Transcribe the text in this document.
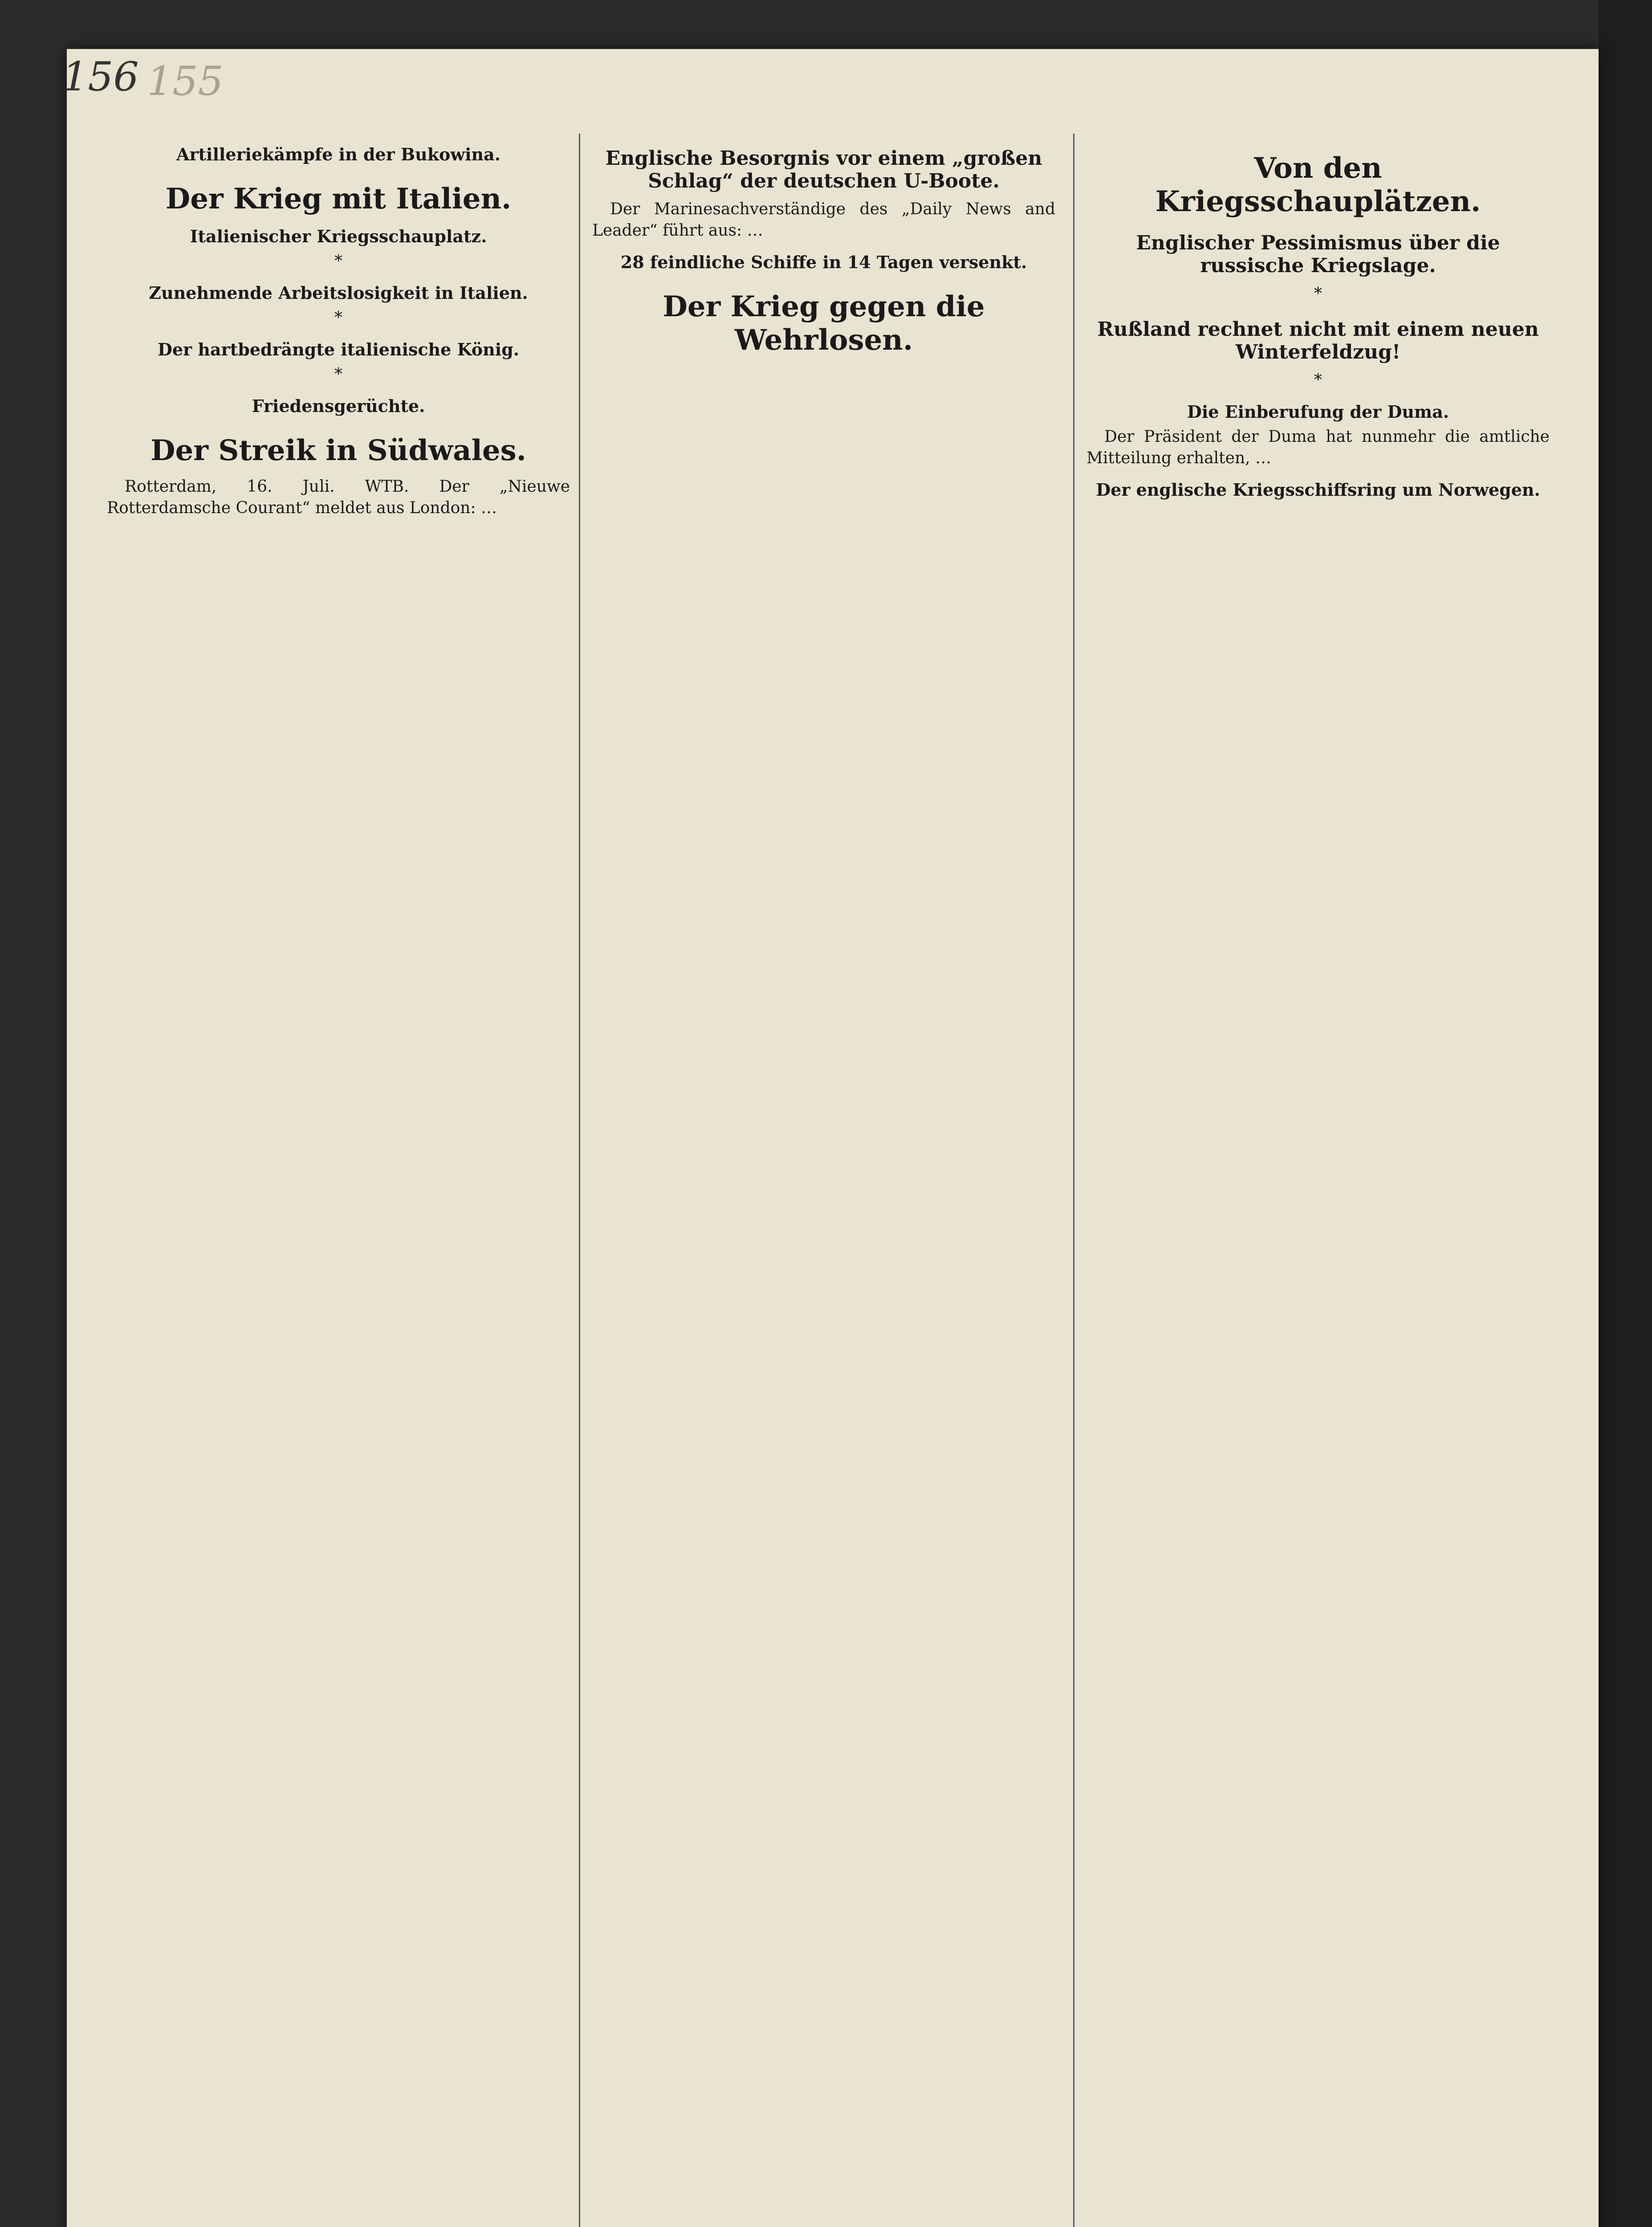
156 155
Artilleriekämpfe in der Bukowina.
Der Krieg mit Italien.
Italienischer Kriegsschauplatz.
*
Zunehmende Arbeitslosigkeit in Italien.
*
Der hartbedrängte italienische König.
*
Friedensgerüchte.
Der Streik in Südwales.

Rotterdam, 16. Juli. WTB. Der „Nieuwe Rotterdamsche Courant“ meldet aus London: …

Englische Besorgnis vor einem „großen Schlag“ der deutschen U-Boote.

Der Marinesachverständige des „Daily News and Leader“ führt aus: …

28 feindliche Schiffe in 14 Tagen versenkt.
Der Krieg gegen die Wehrlosen.
Von den Kriegsschauplätzen.
Englischer Pessimismus über die russische Kriegslage.
*
Rußland rechnet nicht mit einem neuen Winterfeldzug!
*
Die Einberufung der Duma.

Der Präsident der Duma hat nunmehr die amtliche Mitteilung erhalten, …

Der englische Kriegsschiffsring um Norwegen.
